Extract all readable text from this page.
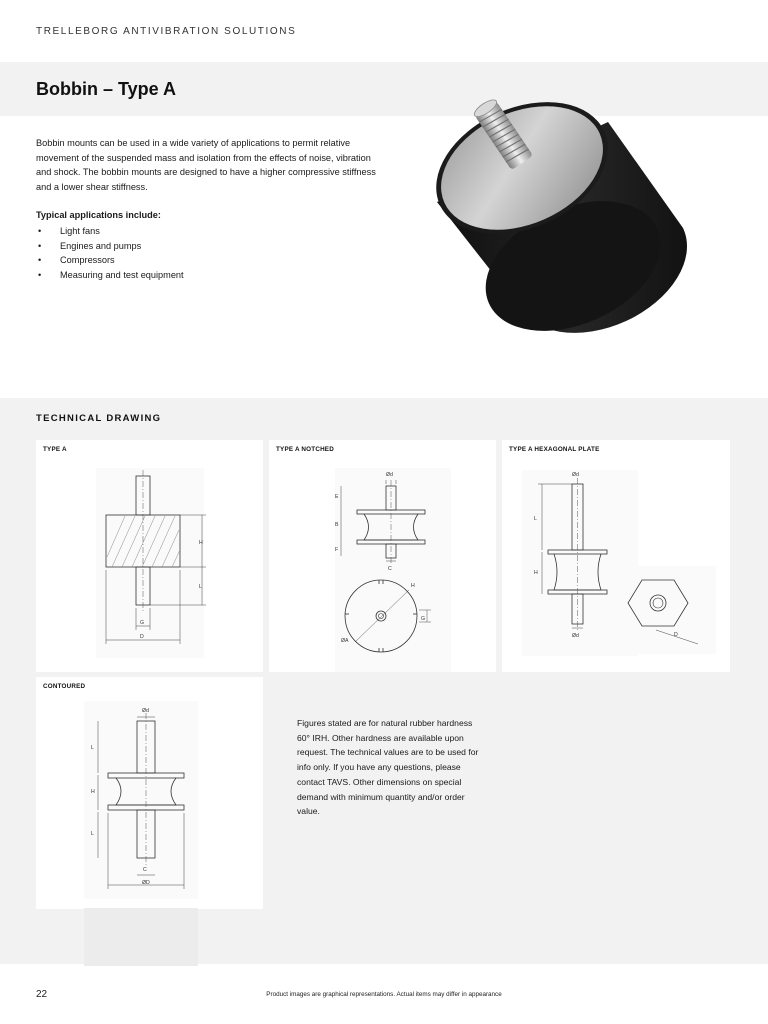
TRELLEBORG ANTIVIBRATION SOLUTIONS
Bobbin – Type A
Bobbin mounts can be used in a wide variety of applications to permit relative movement of the suspended mass and isolation from the effects of noise, vibration and shock. The bobbin mounts are designed to have a higher compressive stiffness and a lower shear stiffness.
Typical applications include:
• Light fans
• Engines and pumps
• Compressors
• Measuring and test equipment
TECHNICAL DRAWING
TYPE A
H
L
G
D
TYPE A NOTCHED
Ød
E
B
F
C
H
G
ØA
TYPE A HEXAGONAL PLATE
Ød
L
H
Ød	D
CONTOURED
Ød
L
H
L
C
ØD
Figures stated are for natural rubber hardness 60° IRH. Other hardness are available upon request. The technical values are to be used for info only. If you have any questions, please contact TAVS. Other dimensions on special demand with minimum quantity and/or order value.
22	Product images are graphical representations. Actual items may differ in appearance
